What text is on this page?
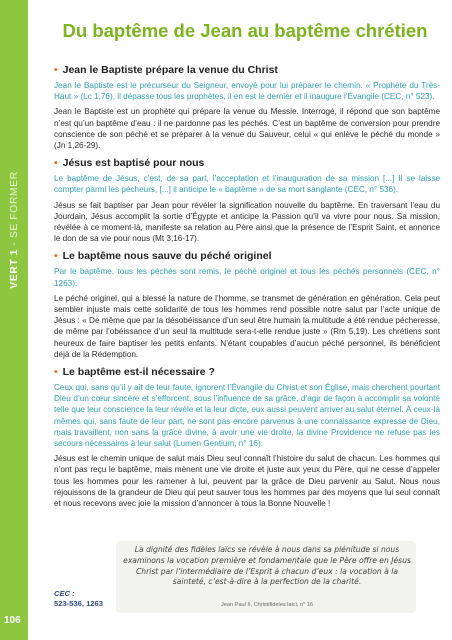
VERT 1 - SE FORMER
106
Du baptême de Jean au baptême chrétien
• Jean le Baptiste prépare la venue du Christ

Jean le Baptiste est le précurseur du Seigneur, envoyé pour lui préparer le chemin. « Prophète du Très-Haut » (Lc 1,76), il dépasse tous les prophètes, il en est le dernier et il inaugure l’Évangile (CEC, n° 523).

Jean le Baptiste est un prophète qui prépare la venue du Messie. Interrogé, il répond que son baptême n’est qu’un baptême d’eau : il ne pardonne pas les péchés. C’est un baptême de conversion pour prendre conscience de son péché et se préparer à la venue du Sauveur, celui « qui enlève le péché du monde » (Jn 1,26-29).

• Jésus est baptisé pour nous

Le baptême de Jésus, c’est, de sa part, l’acceptation et l’inauguration de sa mission [...] Il se laisse compter parmi les pécheurs, [...] il anticipe le « baptême » de sa mort sanglante (CEC, n° 536).

Jésus se fait baptiser par Jean pour révéler la signification nouvelle du baptême. En traversant l’eau du Jourdain, Jésus accomplit la sortie d’Égypte et anticipe la Passion qu’il va vivre pour nous. Sa mission, révélée à ce moment-là, manifeste sa relation au Père ainsi que la présence de l’Esprit Saint, et annonce le don de sa vie pour nous (Mt 3,16-17).

• Le baptême nous sauve du péché originel

Par le baptême, tous les péchés sont remis, le péché originel et tous les péchés personnels (CEC, n° 1263).

Le péché originel, qui a blessé la nature de l’homme, se transmet de génération en génération. Cela peut sembler injuste mais cette solidarité de tous les hommes rend possible notre salut par l’acte unique de Jésus : « De même que par la désobéissance d’un seul être humain la multitude a été rendue pécheresse, de même par l’obéissance d’un seul la multitude sera-t-elle rendue juste » (Rm 5,19). Les chrétiens sont heureux de faire baptiser les petits enfants. N’étant coupables d’aucun péché personnel, ils bénéficient déjà de la Rédemption.

• Le baptême est-il nécessaire ?

Ceux qui, sans qu’il y ait de leur faute, ignorent l’Évangile du Christ et son Église, mais cherchent pourtant Dieu d’un cœur sincère et s’efforcent, sous l’influence de sa grâce, d’agir de façon à accomplir sa volonté telle que leur conscience la leur révèle et la leur dicte, eux aussi peuvent arriver au salut éternel. À ceux-là mêmes qui, sans faute de leur part, ne sont pas encore parvenus à une connaissance expresse de Dieu, mais travaillent, non sans la grâce divine, à avoir une vie droite, la divine Providence ne refuse pas les secours nécessaires à leur salut (Lumen Gentium, n° 16).

Jésus est le chemin unique de salut mais Dieu seul connaît l’histoire du salut de chacun. Les hommes qui n’ont pas reçu le baptême, mais mènent une vie droite et juste aux yeux du Père, qui ne cesse d’appeler tous les hommes pour les ramener à lui, peuvent par la grâce de Dieu parvenir au Salut. Nous nous réjouissons de la grandeur de Dieu qui peut sauver tous les hommes par des moyens que lui seul connaît et nous recevons avec joie la mission d’annoncer à tous la Bonne Nouvelle !

La dignité des fidèles laïcs se révèle à nous dans sa plénitude si nous examinons la vocation première et fondamentale que le Père offre en Jésus Christ par l’intermédiaire de l’Esprit à chacun d’eux : la vocation à la sainteté, c’est-à-dire à la perfection de la charité.
Jean Paul II, Christifideles laici, n° 16
CEC :
523-536, 1263
